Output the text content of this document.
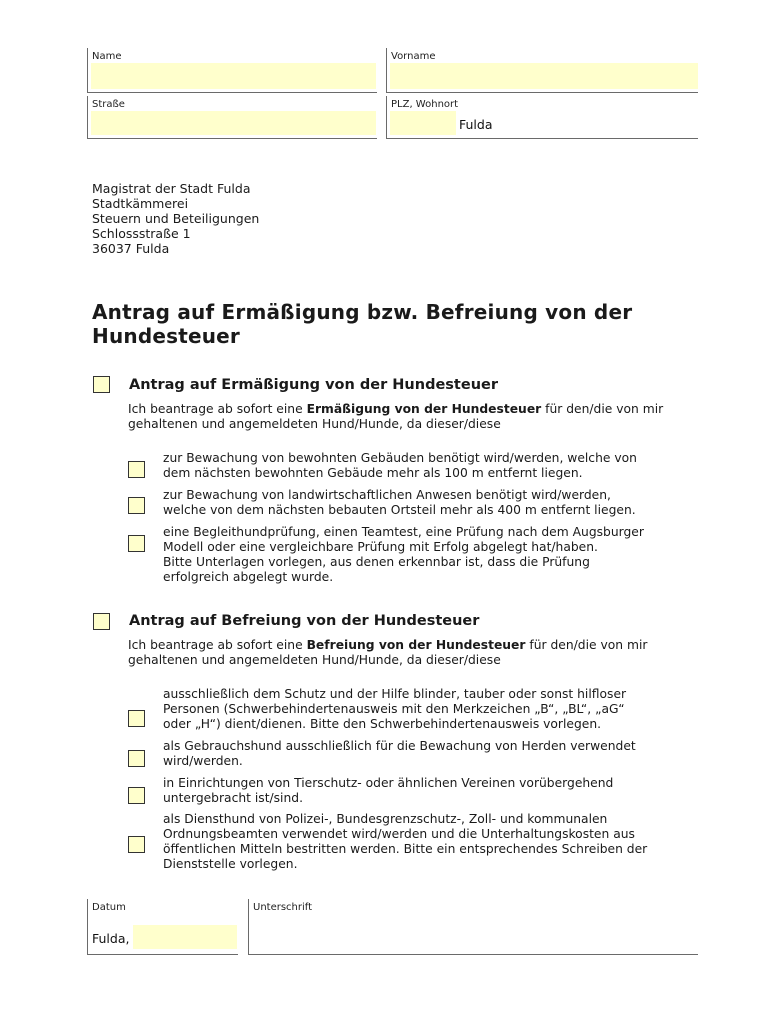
Name	Vorname
Straße	PLZ, Wohnort
Fulda
Magistrat der Stadt Fulda
Stadtkämmerei
Steuern und Beteiligungen
Schlossstraße 1
36037 Fulda
Antrag auf Ermäßigung bzw. Befreiung von der
Hundesteuer
Antrag auf Ermäßigung von der Hundesteuer
Ich beantrage ab sofort eine Ermäßigung von der Hundesteuer für den/die von mir
gehaltenen und angemeldeten Hund/Hunde, da dieser/diese
zur Bewachung von bewohnten Gebäuden benötigt wird/werden, welche von
dem nächsten bewohnten Gebäude mehr als 100 m entfernt liegen.
zur Bewachung von landwirtschaftlichen Anwesen benötigt wird/werden,
welche von dem nächsten bebauten Ortsteil mehr als 400 m entfernt liegen.
eine Begleithundprüfung, einen Teamtest, eine Prüfung nach dem Augsburger
Modell oder eine vergleichbare Prüfung mit Erfolg abgelegt hat/haben.
Bitte Unterlagen vorlegen, aus denen erkennbar ist, dass die Prüfung
erfolgreich abgelegt wurde.
Antrag auf Befreiung von der Hundesteuer
Ich beantrage ab sofort eine Befreiung von der Hundesteuer für den/die von mir
gehaltenen und angemeldeten Hund/Hunde, da dieser/diese
ausschließlich dem Schutz und der Hilfe blinder, tauber oder sonst hilfloser
Personen (Schwerbehindertenausweis mit den Merkzeichen „B“, „BL“, „aG“
oder „H“) dient/dienen. Bitte den Schwerbehindertenausweis vorlegen.
als Gebrauchshund ausschließlich für die Bewachung von Herden verwendet
wird/werden.
in Einrichtungen von Tierschutz- oder ähnlichen Vereinen vorübergehend
untergebracht ist/sind.
als Diensthund von Polizei-, Bundesgrenzschutz-, Zoll- und kommunalen
Ordnungsbeamten verwendet wird/werden und die Unterhaltungskosten aus
öffentlichen Mitteln bestritten werden. Bitte ein entsprechendes Schreiben der
Dienststelle vorlegen.
Datum
Fulda,
Unterschrift
